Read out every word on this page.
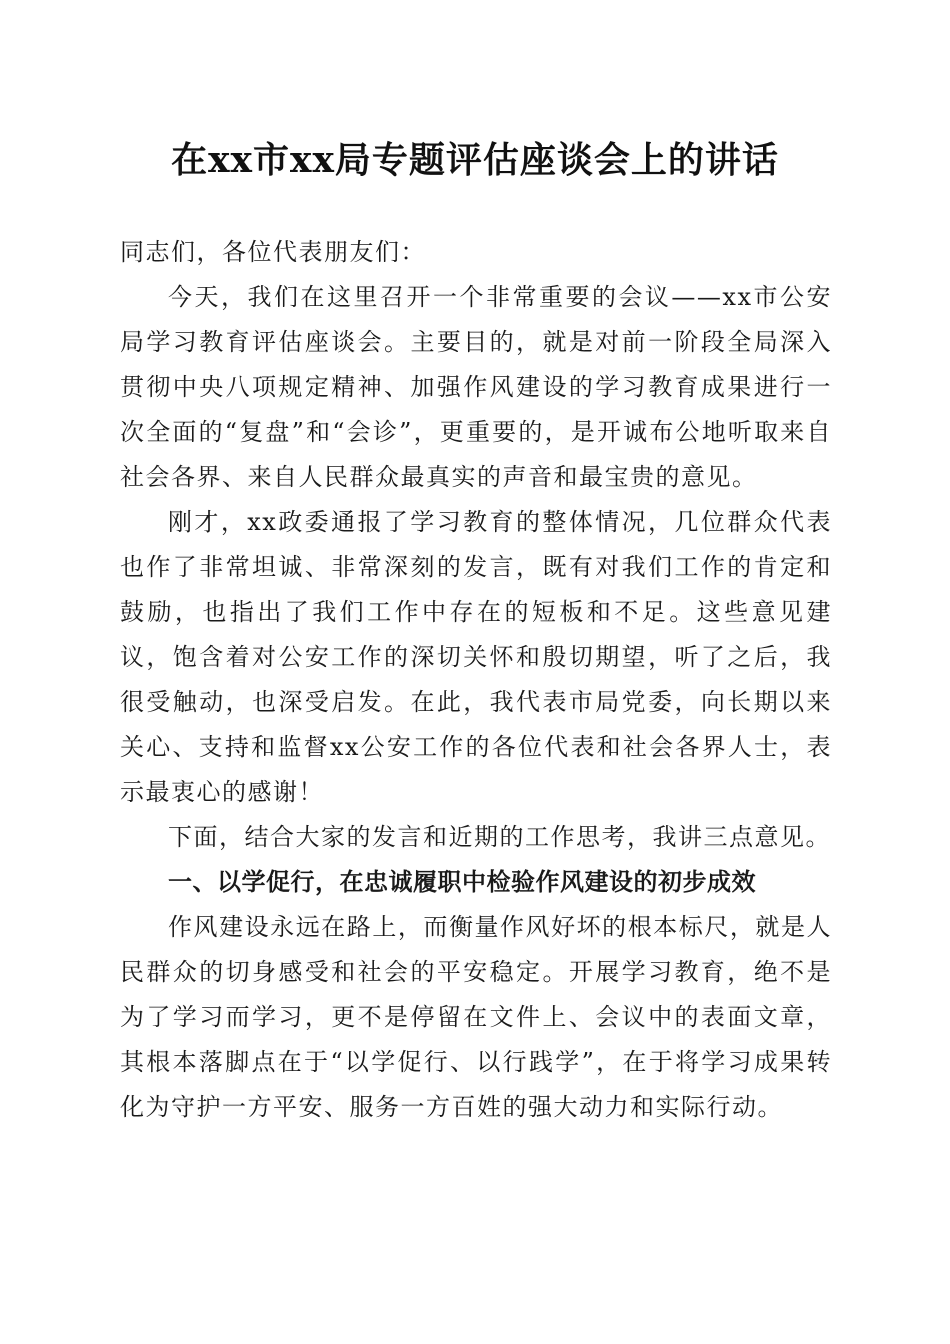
在xx市xx局专题评估座谈会上的讲话

同志们，各位代表朋友们：

今天，我们在这里召开一个非常重要的会议——xx市公安局学习教育评估座谈会。主要目的，就是对前一阶段全局深入贯彻中央八项规定精神、加强作风建设的学习教育成果进行一次全面的“复盘”和“会诊”，更重要的，是开诚布公地听取来自社会各界、来自人民群众最真实的声音和最宝贵的意见。

刚才，xx政委通报了学习教育的整体情况，几位群众代表也作了非常坦诚、非常深刻的发言，既有对我们工作的肯定和鼓励，也指出了我们工作中存在的短板和不足。这些意见建议，饱含着对公安工作的深切关怀和殷切期望，听了之后，我很受触动，也深受启发。在此，我代表市局党委，向长期以来关心、支持和监督xx公安工作的各位代表和社会各界人士，表示最衷心的感谢！

下面，结合大家的发言和近期的工作思考，我讲三点意见。

一、以学促行，在忠诚履职中检验作风建设的初步成效

作风建设永远在路上，而衡量作风好坏的根本标尺，就是人民群众的切身感受和社会的平安稳定。开展学习教育，绝不是为了学习而学习，更不是停留在文件上、会议中的表面文章，其根本落脚点在于“以学促行、以行践学”，在于将学习成果转化为守护一方平安、服务一方百姓的强大动力和实际行动。
